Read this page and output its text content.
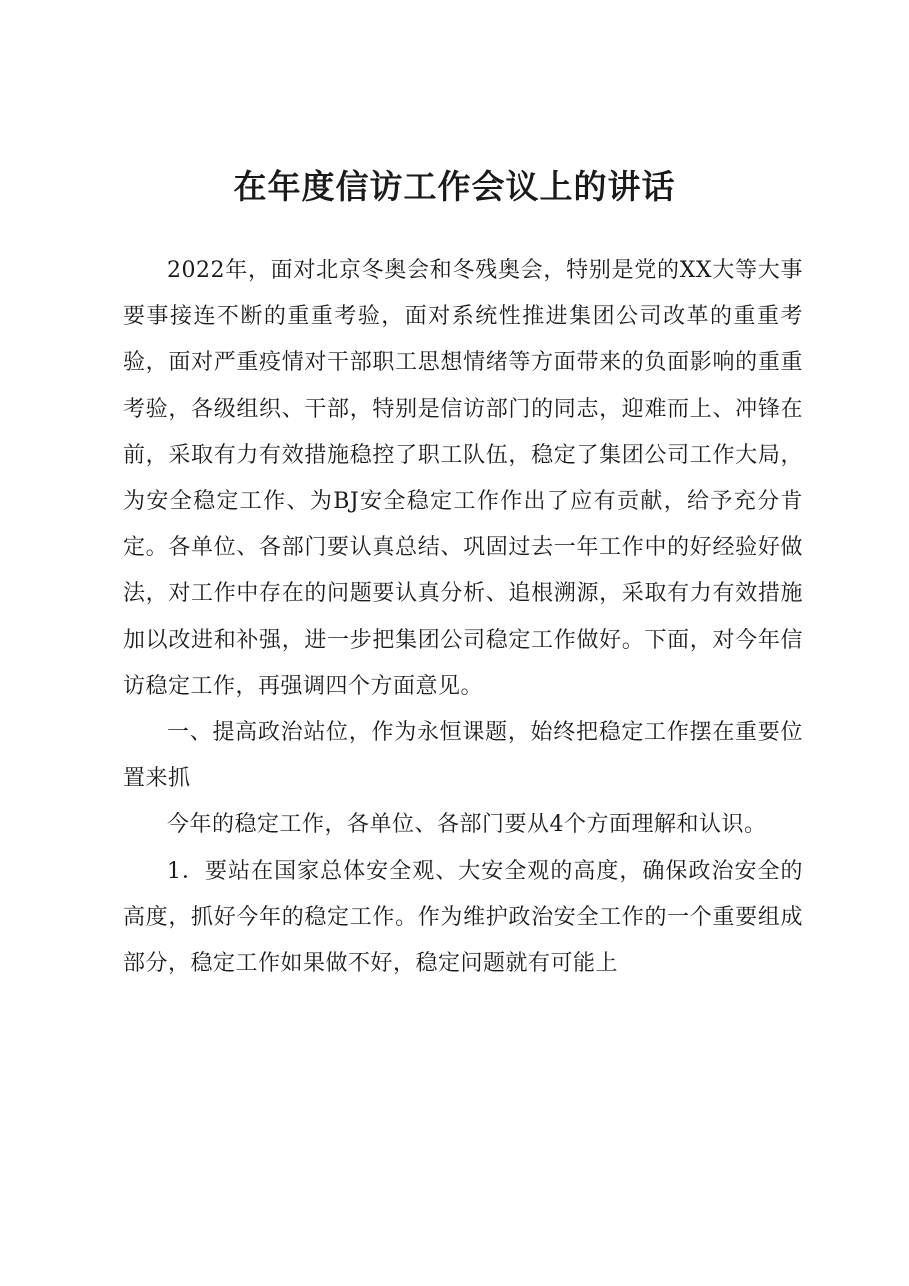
在年度信访工作会议上的讲话

2022年，面对北京冬奥会和冬残奥会，特别是党的XX大等大事要事接连不断的重重考验，面对系统性推进集团公司改革的重重考验，面对严重疫情对干部职工思想情绪等方面带来的负面影响的重重考验，各级组织、干部，特别是信访部门的同志，迎难而上、冲锋在前，采取有力有效措施稳控了职工队伍，稳定了集团公司工作大局，为安全稳定工作、为BJ安全稳定工作作出了应有贡献，给予充分肯定。各单位、各部门要认真总结、巩固过去一年工作中的好经验好做法，对工作中存在的问题要认真分析、追根溯源，采取有力有效措施加以改进和补强，进一步把集团公司稳定工作做好。下面，对今年信访稳定工作，再强调四个方面意见。

一、提高政治站位，作为永恒课题，始终把稳定工作摆在重要位置来抓

今年的稳定工作，各单位、各部门要从4个方面理解和认识。

1．要站在国家总体安全观、大安全观的高度，确保政治安全的高度，抓好今年的稳定工作。作为维护政治安全工作的一个重要组成部分，稳定工作如果做不好，稳定问题就有可能上
